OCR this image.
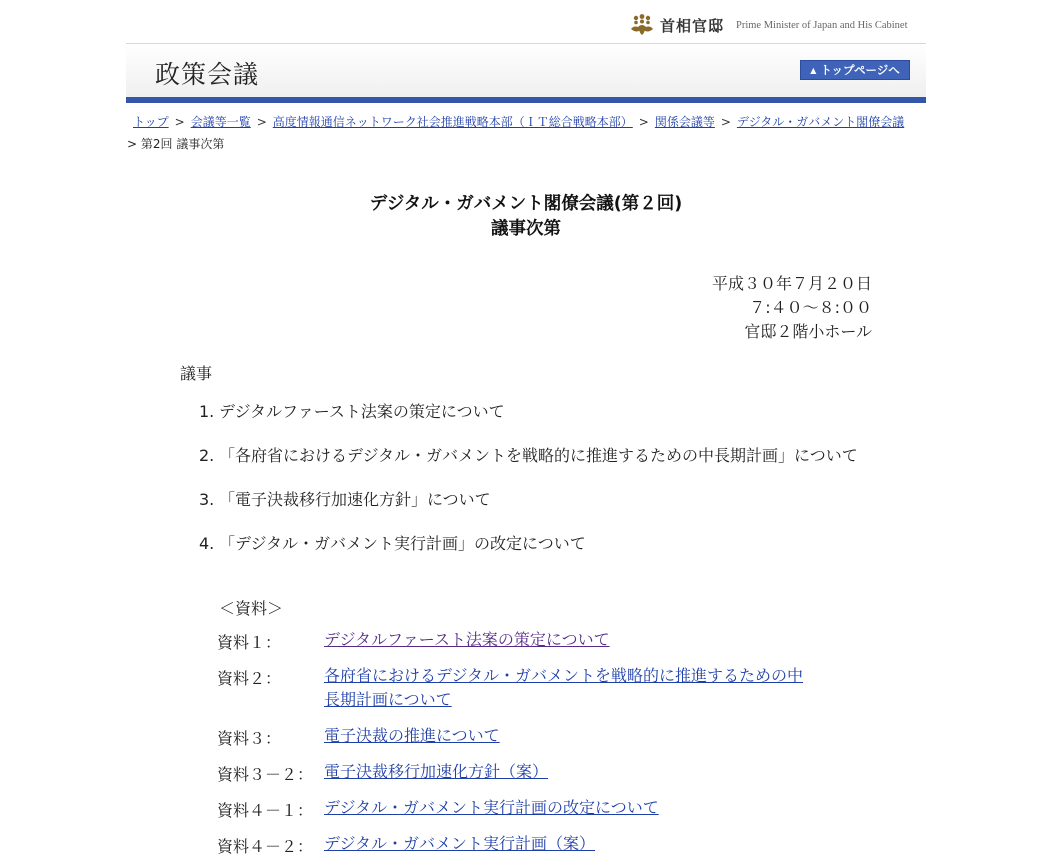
首相官邸 Prime Minister of Japan and His Cabinet
政策会議	▲ トップページへ
トップ > 会議等一覧 > 高度情報通信ネットワーク社会推進戦略本部（ＩＴ総合戦略本部） > 関係会議等 > デジタル・ガバメント閣僚会議
> 第2回 議事次第
デジタル・ガバメント閣僚会議(第２回)
議事次第
平成３０年７月２０日
７:４０～８:００
官邸２階小ホール
議事
1. デジタルファースト法案の策定について
2. 「各府省におけるデジタル・ガバメントを戦略的に推進するための中長期計画」について
3. 「電子決裁移行加速化方針」について
4. 「デジタル・ガバメント実行計画」の改定について
＜資料＞
資料１：	デジタルファースト法案の策定について
資料２：	各府省におけるデジタル・ガバメントを戦略的に推進するための中
長期計画について
資料３：	電子決裁の推進について
資料３－２： 電子決裁移行加速化方針（案）
資料４－１： デジタル・ガバメント実行計画の改定について
資料４－２： デジタル・ガバメント実行計画（案）
